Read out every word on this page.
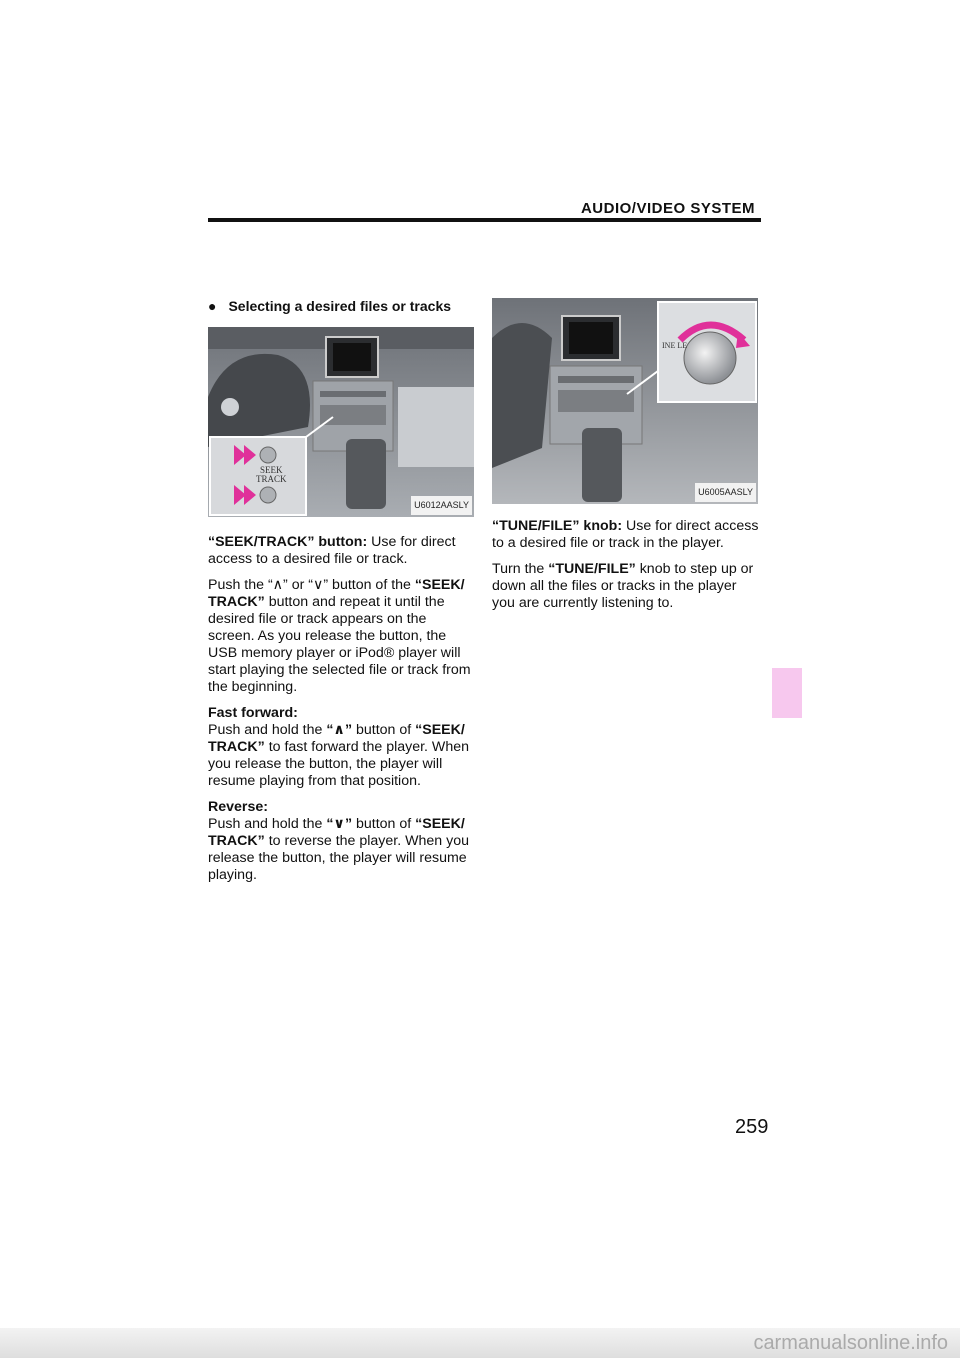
AUDIO/VIDEO SYSTEM

● Selecting a desired files or tracks

SEEK
TRACK
U6012AASLY

“SEEK/TRACK” button: Use for direct access to a desired file or track.

Push the “∧” or “∨” button of the “SEEK/ TRACK” button and repeat it until the desired file or track appears on the screen. As you release the button, the USB memory player or iPod® player will start playing the selected file or track from the beginning.

Fast forward:

Push and hold the “∧” button of “SEEK/ TRACK” to fast forward the player. When you release the button, the player will resume playing from that position.

Reverse:

Push and hold the “∨” button of “SEEK/ TRACK” to reverse the player. When you release the button, the player will resume playing.

INE LE
U6005AASLY

“TUNE/FILE” knob: Use for direct access to a desired file or track in the player.

Turn the “TUNE/FILE” knob to step up or down all the files or tracks in the player you are currently listening to.

259
carmanualsonline.info
